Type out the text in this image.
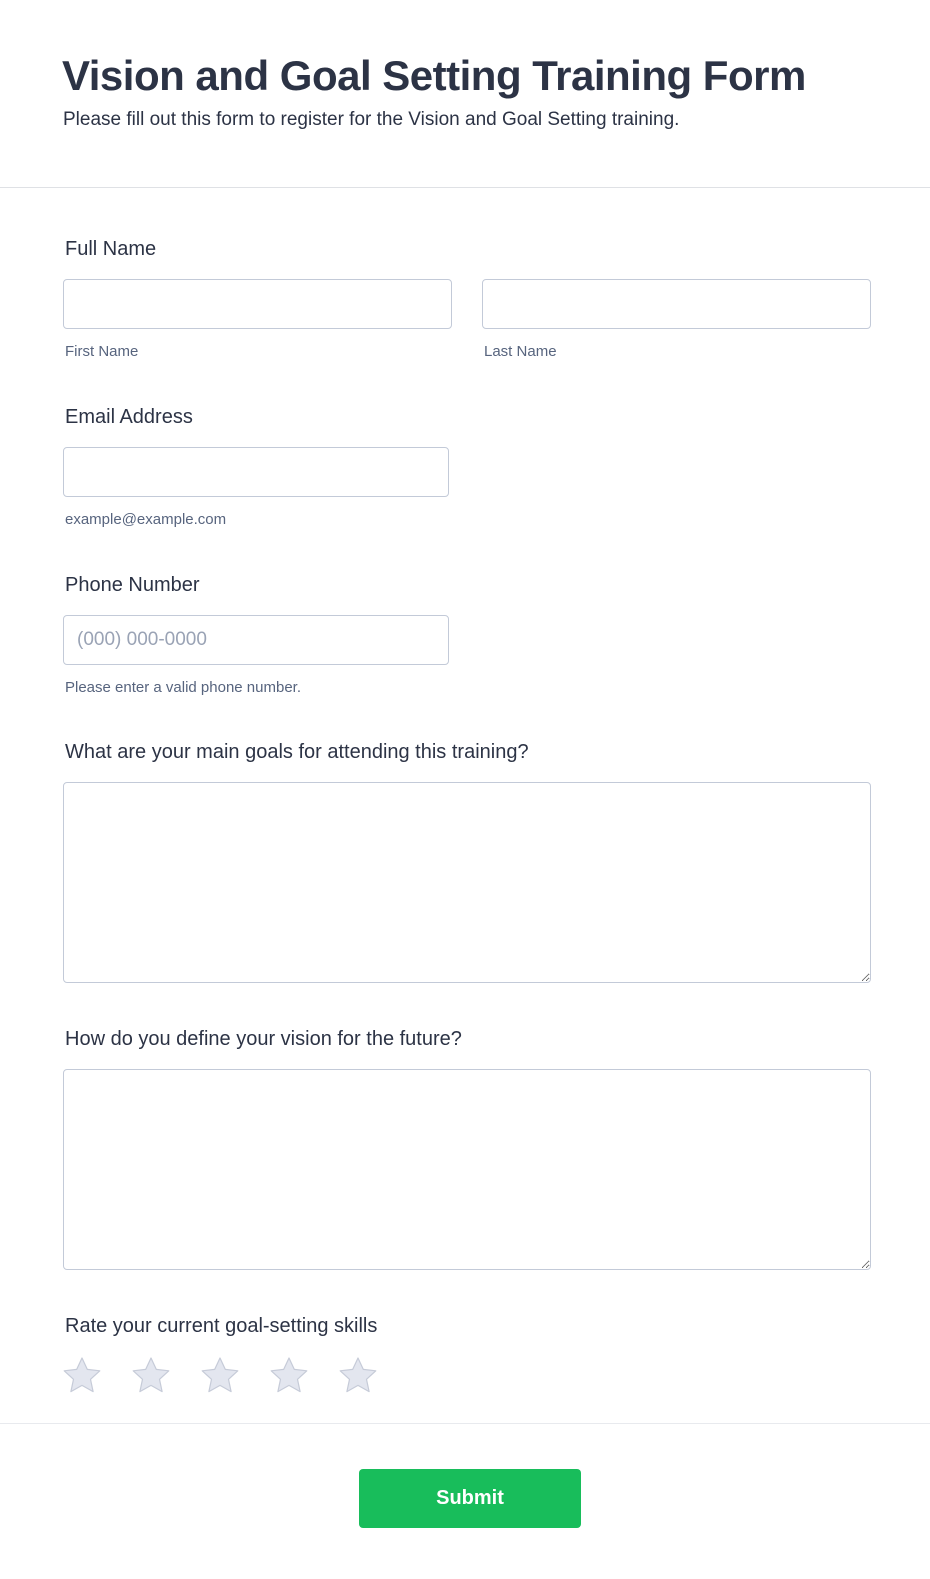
Vision and Goal Setting Training Form

Please fill out this form to register for the Vision and Goal Setting training.

Full Name
First Name	Last Name
Email Address
example@example.com
Phone Number
(000) 000-0000
Please enter a valid phone number.
What are your main goals for attending this training?
How do you define your vision for the future?
Rate your current goal-setting skills
Submit
